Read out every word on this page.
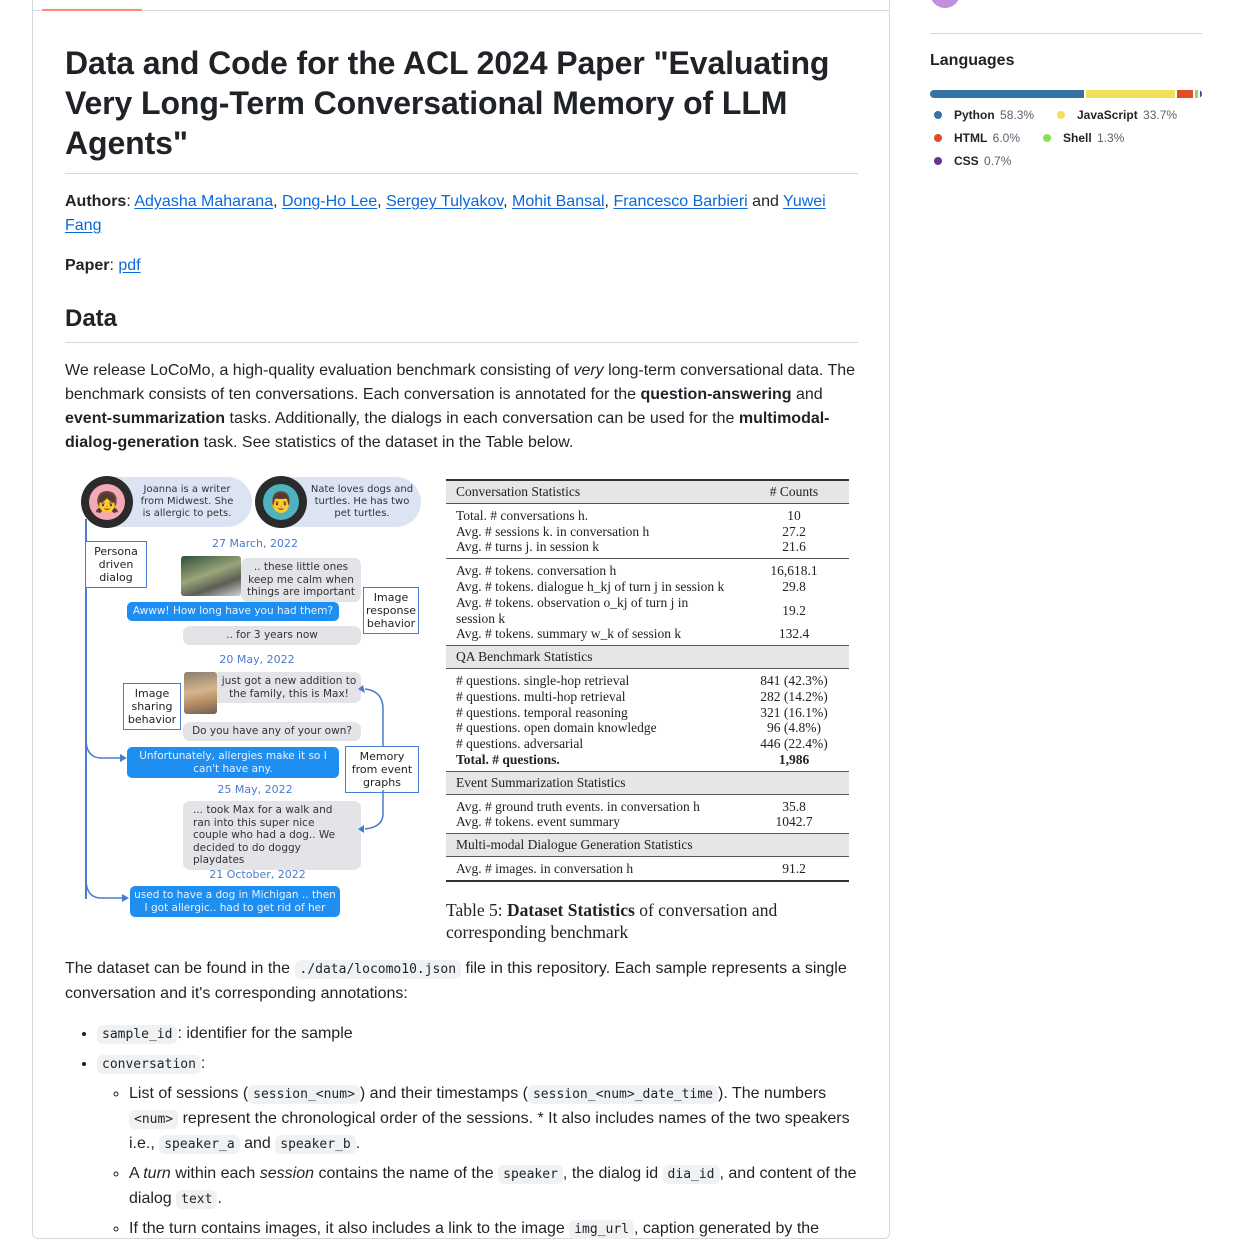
Data and Code for the ACL 2024 Paper "Evaluating Very Long-Term Conversational Memory of LLM Agents"

Authors: Adyasha Maharana, Dong-Ho Lee, Sergey Tulyakov, Mohit Bansal, Francesco Barbieri and Yuwei Fang

Paper: pdf

Data

We release LoCoMo, a high-quality evaluation benchmark consisting of very long-term conversational data. The benchmark consists of ten conversations. Each conversation is annotated for the question-answering and event-summarization tasks. Additionally, the dialogs in each conversation can be used for the multimodal-dialog-generation task. See statistics of the dataset in the Table below.

Joanna is a writer from Midwest. She is allergic to pets.
👧
Nate loves dogs and turtles. He has two pet turtles.
👨
Persona driven dialog
Image response behavior
Image sharing behavior
Memory from event graphs
27 March, 2022
.. these little ones keep me calm when things are important
Awww! How long have you had them?
.. for 3 years now
20 May, 2022
just got a new addition to the family, this is Max!
Do you have any of your own?
Unfortunately, allergies make it so I can't have any.
25 May, 2022
... took Max for a walk and ran into this super nice couple who had a dog.. We decided to do doggy playdates
21 October, 2022
used to have a dog in Michigan .. then I got allergic.. had to get rid of her
Conversation Statistics	# Counts
Total. # conversations h.	10
Avg. # sessions k. in conversation h	27.2
Avg. # turns j. in session k	21.6
Avg. # tokens. conversation h	16,618.1
Avg. # tokens. dialogue h_kj of turn j in session k	29.8
Avg. # tokens. observation o_kj of turn j in session k	19.2
Avg. # tokens. summary w_k of session k	132.4
QA Benchmark Statistics	
# questions. single-hop retrieval	841 (42.3%)
# questions. multi-hop retrieval	282 (14.2%)
# questions. temporal reasoning	321 (16.1%)
# questions. open domain knowledge	96 (4.8%)
# questions. adversarial	446 (22.4%)
Total. # questions.	1,986
Event Summarization Statistics	
Avg. # ground truth events. in conversation h	35.8
Avg. # tokens. event summary	1042.7
Multi-modal Dialogue Generation Statistics	
Avg. # images. in conversation h	91.2
Table 5: Dataset Statistics of conversation and corresponding benchmark

The dataset can be found in the ./data/locomo10.json file in this repository. Each sample represents a single conversation and it's corresponding annotations:

• sample_id : identifier for the sample
• conversation :
◦ List of sessions ( session_<num> ) and their timestamps ( session_<num>_date_time ). The numbers <num> represent the chronological order of the sessions. * It also includes names of the two speakers i.e., speaker_a and speaker_b .
◦ A turn within each session contains the name of the speaker , the dialog id dia_id , and content of the dialog text .
◦ If the turn contains images, it also includes a link to the image img_url , caption generated by the
Languages
Python 58.3%	JavaScript 33.7%
HTML 6.0%	Shell 1.3%
CSS 0.7%
